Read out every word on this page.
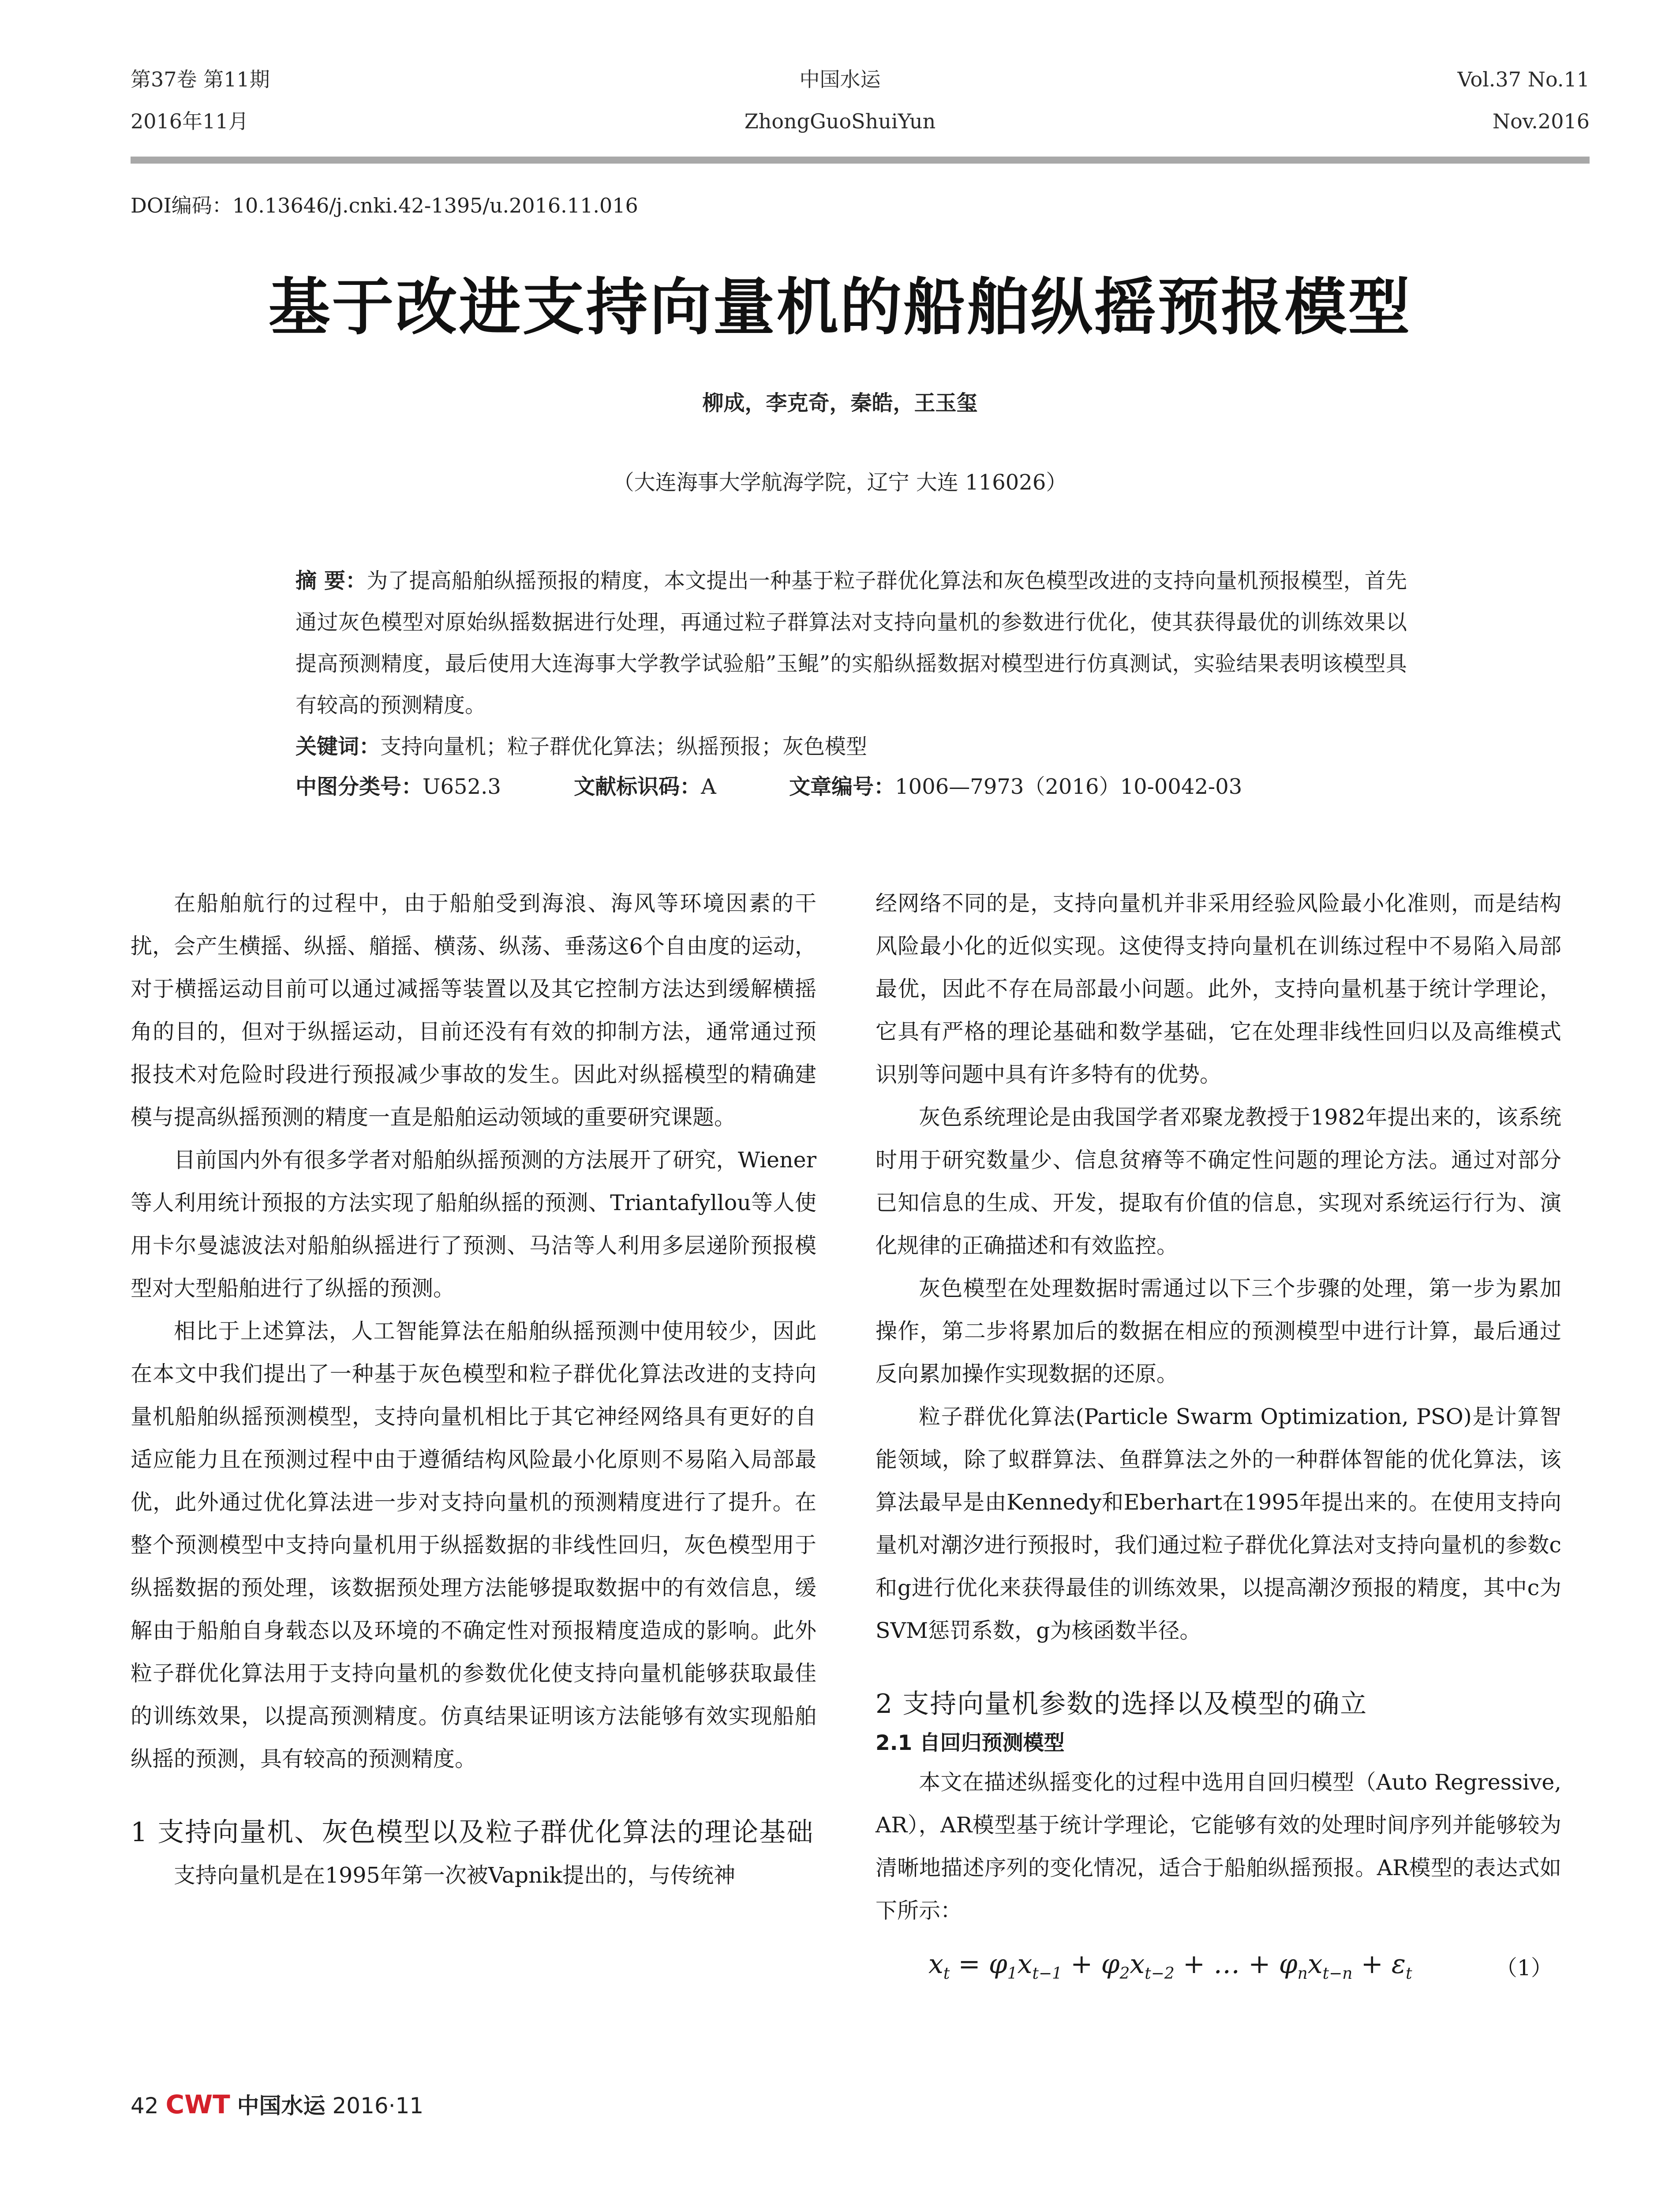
第37卷 第11期
2016年11月
中国水运
ZhongGuoShuiYun
Vol.37 No.11
Nov.2016
DOI编码：10.13646/j.cnki.42-1395/u.2016.11.016
基于改进支持向量机的船舶纵摇预报模型
柳成，李克奇，秦皓，王玉玺
（大连海事大学航海学院，辽宁 大连 116026）
摘 要：为了提高船舶纵摇预报的精度，本文提出一种基于粒子群优化算法和灰色模型改进的支持向量机预报模型，首先通过灰色模型对原始纵摇数据进行处理，再通过粒子群算法对支持向量机的参数进行优化，使其获得最优的训练效果以提高预测精度，最后使用大连海事大学教学试验船”玉鲲”的实船纵摇数据对模型进行仿真测试，实验结果表明该模型具有较高的预测精度。
关键词：支持向量机；粒子群优化算法；纵摇预报；灰色模型
中图分类号：U652.3	文献标识码：A	文章编号：1006—7973（2016）10-0042-03

在船舶航行的过程中，由于船舶受到海浪、海风等环境因素的干扰，会产生横摇、纵摇、艏摇、横荡、纵荡、垂荡这6个自由度的运动，对于横摇运动目前可以通过减摇等装置以及其它控制方法达到缓解横摇角的目的，但对于纵摇运动，目前还没有有效的抑制方法，通常通过预报技术对危险时段进行预报减少事故的发生。因此对纵摇模型的精确建模与提高纵摇预测的精度一直是船舶运动领域的重要研究课题。

目前国内外有很多学者对船舶纵摇预测的方法展开了研究，Wiener等人利用统计预报的方法实现了船舶纵摇的预测、Triantafyllou等人使用卡尔曼滤波法对船舶纵摇进行了预测、马洁等人利用多层递阶预报模型对大型船舶进行了纵摇的预测。

相比于上述算法，人工智能算法在船舶纵摇预测中使用较少，因此在本文中我们提出了一种基于灰色模型和粒子群优化算法改进的支持向量机船舶纵摇预测模型，支持向量机相比于其它神经网络具有更好的自适应能力且在预测过程中由于遵循结构风险最小化原则不易陷入局部最优，此外通过优化算法进一步对支持向量机的预测精度进行了提升。在整个预测模型中支持向量机用于纵摇数据的非线性回归，灰色模型用于纵摇数据的预处理，该数据预处理方法能够提取数据中的有效信息，缓解由于船舶自身载态以及环境的不确定性对预报精度造成的影响。此外粒子群优化算法用于支持向量机的参数优化使支持向量机能够获取最佳的训练效果，以提高预测精度。仿真结果证明该方法能够有效实现船舶纵摇的预测，具有较高的预测精度。

1 支持向量机、灰色模型以及粒子群优化算法的理论基础

支持向量机是在1995年第一次被Vapnik提出的，与传统神

经网络不同的是，支持向量机并非采用经验风险最小化准则，而是结构风险最小化的近似实现。这使得支持向量机在训练过程中不易陷入局部最优，因此不存在局部最小问题。此外，支持向量机基于统计学理论，它具有严格的理论基础和数学基础，它在处理非线性回归以及高维模式识别等问题中具有许多特有的优势。

灰色系统理论是由我国学者邓聚龙教授于1982年提出来的，该系统时用于研究数量少、信息贫瘠等不确定性问题的理论方法。通过对部分已知信息的生成、开发，提取有价值的信息，实现对系统运行行为、演化规律的正确描述和有效监控。

灰色模型在处理数据时需通过以下三个步骤的处理，第一步为累加操作，第二步将累加后的数据在相应的预测模型中进行计算，最后通过反向累加操作实现数据的还原。

粒子群优化算法(Particle Swarm Optimization, PSO)是计算智能领域，除了蚁群算法、鱼群算法之外的一种群体智能的优化算法，该算法最早是由Kennedy和Eberhart在1995年提出来的。在使用支持向量机对潮汐进行预报时，我们通过粒子群优化算法对支持向量机的参数c和g进行优化来获得最佳的训练效果，以提高潮汐预报的精度，其中c为SVM惩罚系数，g为核函数半径。

2 支持向量机参数的选择以及模型的确立
2.1 自回归预测模型

本文在描述纵摇变化的过程中选用自回归模型（Auto Regressive, AR），AR模型基于统计学理论，它能够有效的处理时间序列并能够较为清晰地描述序列的变化情况，适合于船舶纵摇预报。AR模型的表达式如下所示：

$x_t = \varphi_1x_{t-1} + \varphi_2x_{t-2}$ + … + $\varphi_nx_{t-n} + \varepsilon_t$	（1）
42 CWT 中国水运 2016·11
